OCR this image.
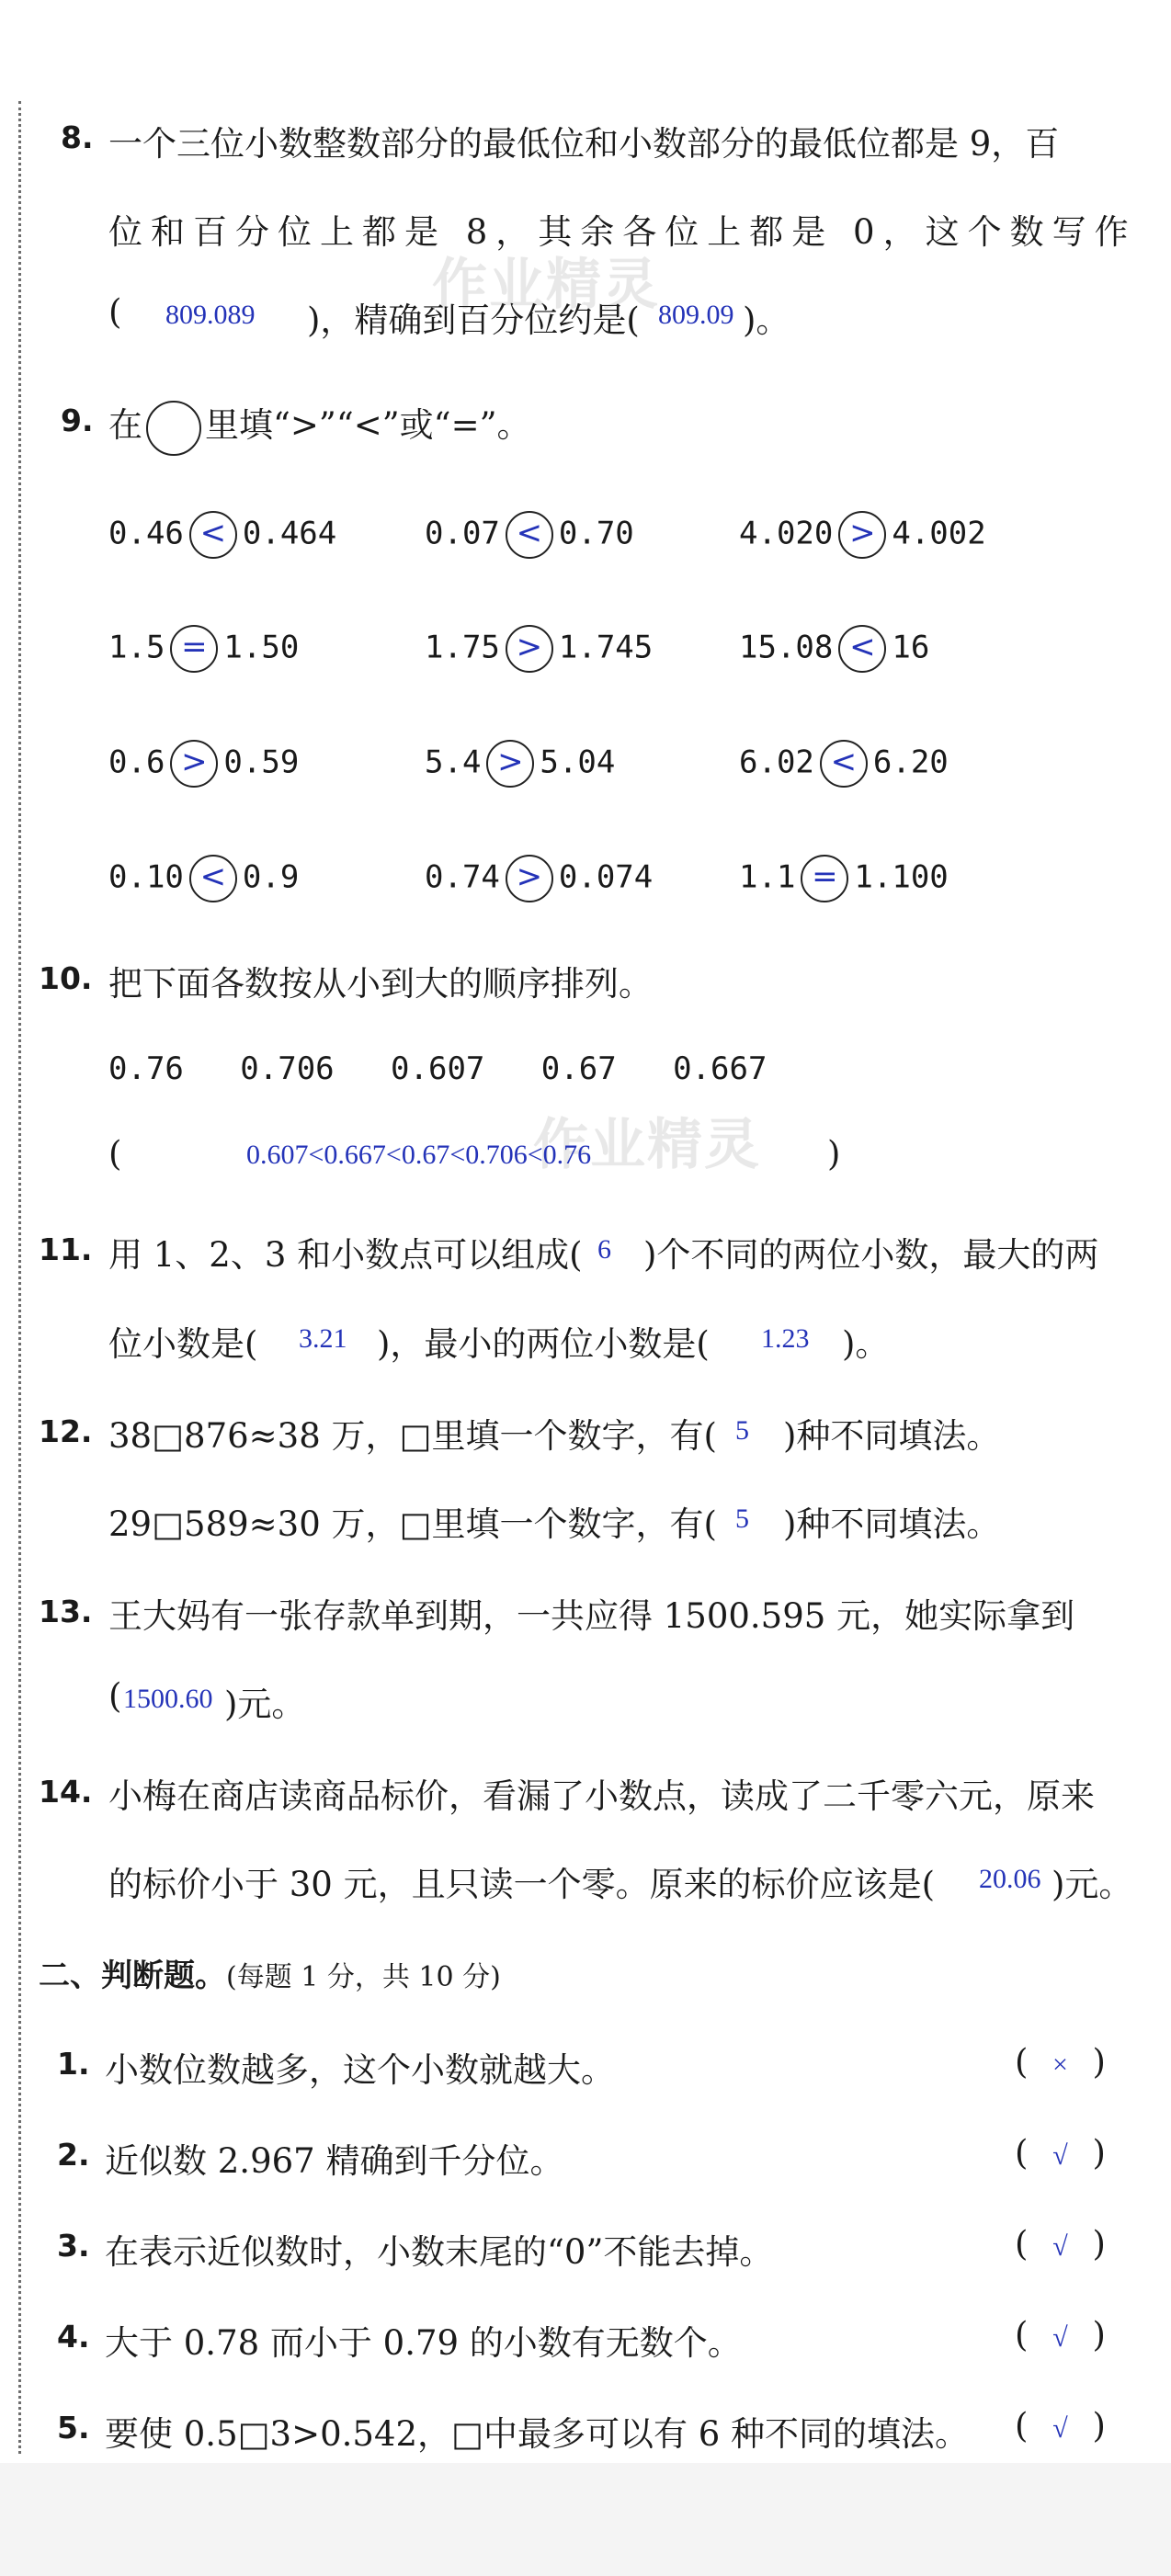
作业精灵
作业精灵
8. 一个三位小数整数部分的最低位和小数部分的最低位都是 9，百
位和百分位上都是 8，其余各位上都是 0，这个数写作
( 809.089 )，精确到百分位约是( 809.09 )。
9. 在 里填“>”“<”或“=”。
0.46 < 0.464	0.07 < 0.70	4.020 > 4.002
1.5 = 1.50	1.75 > 1.745	15.08 < 16
0.6 > 0.59	5.4 > 5.04	6.02 < 6.20
0.10 < 0.9	0.74 > 0.074	1.1 = 1.100
10. 把下面各数按从小到大的顺序排列。
0.76   0.706   0.607   0.67   0.667
(	0.607<0.667<0.67<0.706<0.76	)
11. 用 1、2、3 和小数点可以组成( 6 )个不同的两位小数，最大的两
位小数是( 3.21 )，最小的两位小数是( 1.23 )。
12. 38□876≈38 万，□里填一个数字，有( 5 )种不同填法。
29□589≈30 万，□里填一个数字，有( 5 )种不同填法。
13. 王大妈有一张存款单到期，一共应得 1500.595 元，她实际拿到
( 1500.60 )元。
14. 小梅在商店读商品标价，看漏了小数点，读成了二千零六元，原来
的标价小于 30 元，且只读一个零。原来的标价应该是( 20.06 )元。
二、判断题。(每题 1 分，共 10 分)
1. 小数位数越多，这个小数就越大。	( × )
2. 近似数 2.967 精确到千分位。	( √ )
3. 在表示近似数时，小数末尾的“0”不能去掉。	( √ )
4. 大于 0.78 而小于 0.79 的小数有无数个。	( √ )
5. 要使 0.5□3>0.542，□中最多可以有 6 种不同的填法。 ( √ )
